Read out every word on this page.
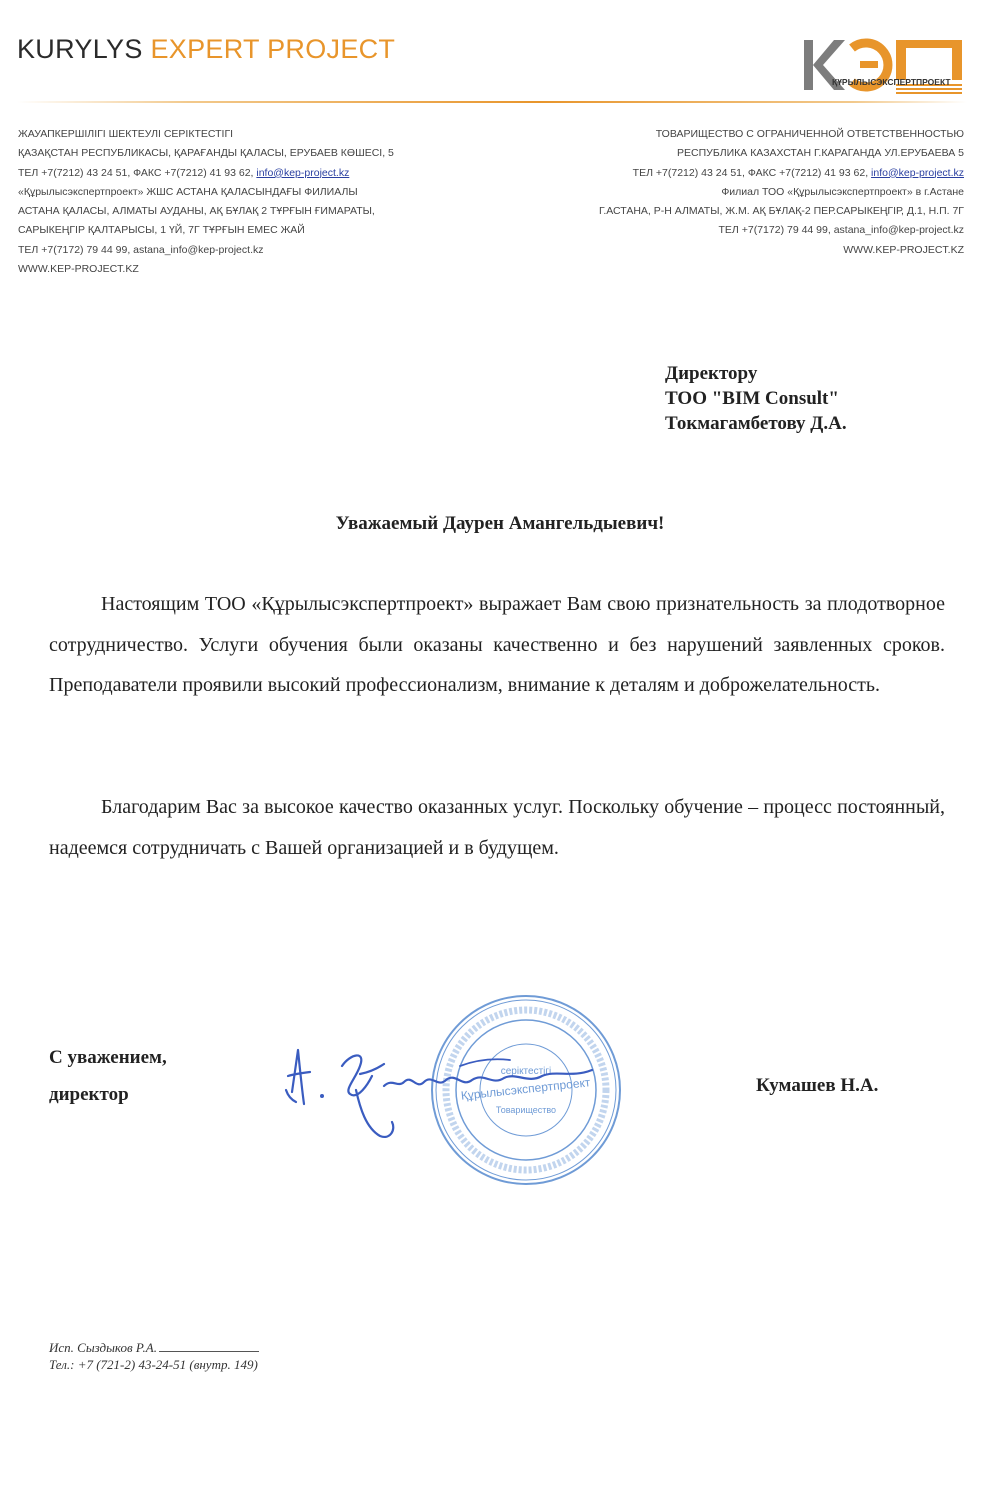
KURYLYS EXPERT PROJECT
ҚҰРЫЛЫСЭКСПЕРТПРОЕКТ
ЖАУАПКЕРШІЛІГІ ШЕКТЕУЛІ СЕРІКТЕСТІГІ
ҚАЗАҚСТАН РЕСПУБЛИКАСЫ, ҚАРАҒАНДЫ ҚАЛАСЫ, ЕРУБАЕВ КӨШЕСІ, 5
ТЕЛ +7(7212) 43 24 51, ФАКС +7(7212) 41 93 62, info@kep-project.kz
«Құрылысэкспертпроект» ЖШС АСТАНА ҚАЛАСЫНДАҒЫ ФИЛИАЛЫ
АСТАНА ҚАЛАСЫ, АЛМАТЫ АУДАНЫ, АҚ БҰЛАҚ 2 ТҰРҒЫН ҒИМАРАТЫ,
САРЫКЕҢГІР ҚАЛТАРЫСЫ, 1 ҮЙ, 7Г ТҰРҒЫН ЕМЕС ЖАЙ
ТЕЛ +7(7172) 79 44 99, astana_info@kep-project.kz
WWW.KEP-PROJECT.KZ
ТОВАРИЩЕСТВО С ОГРАНИЧЕННОЙ ОТВЕТСТВЕННОСТЬЮ
РЕСПУБЛИКА КАЗАХСТАН Г.КАРАГАНДА УЛ.ЕРУБАЕВА 5
ТЕЛ +7(7212) 43 24 51, ФАКС +7(7212) 41 93 62, info@kep-project.kz
Филиал ТОО «Құрылысэкспертпроект» в г.Астане
Г.АСТАНА, Р-Н АЛМАТЫ, Ж.М. АҚ БҰЛАҚ-2 ПЕР.САРЫКЕҢГІР, Д.1, Н.П. 7Г
ТЕЛ +7(7172) 79 44 99, astana_info@kep-project.kz
WWW.KEP-PROJECT.KZ
Директору
ТОО "BIM Consult"
Токмагамбетову Д.А.
Уважаемый Даурен Амангельдыевич!
Настоящим ТОО «Құрылысэкспертпроект» выражает Вам свою признательность за плодотворное сотрудничество. Услуги обучения были оказаны качественно и без нарушений заявленных сроков. Преподаватели проявили высокий профессионализм, внимание к деталям и доброжелательность.
Благодарим Вас за высокое качество оказанных услуг. Поскольку обучение – процесс постоянный, надеемся сотрудничать с Вашей организацией и в будущем.
серіктестігі
Құрылысэкспертпроект
Товарищество
С уважением,
директор	Кумашев Н.А.
Исп. Сыздыков Р.А.
Тел.: +7 (721-2) 43-24-51 (внутр. 149)
